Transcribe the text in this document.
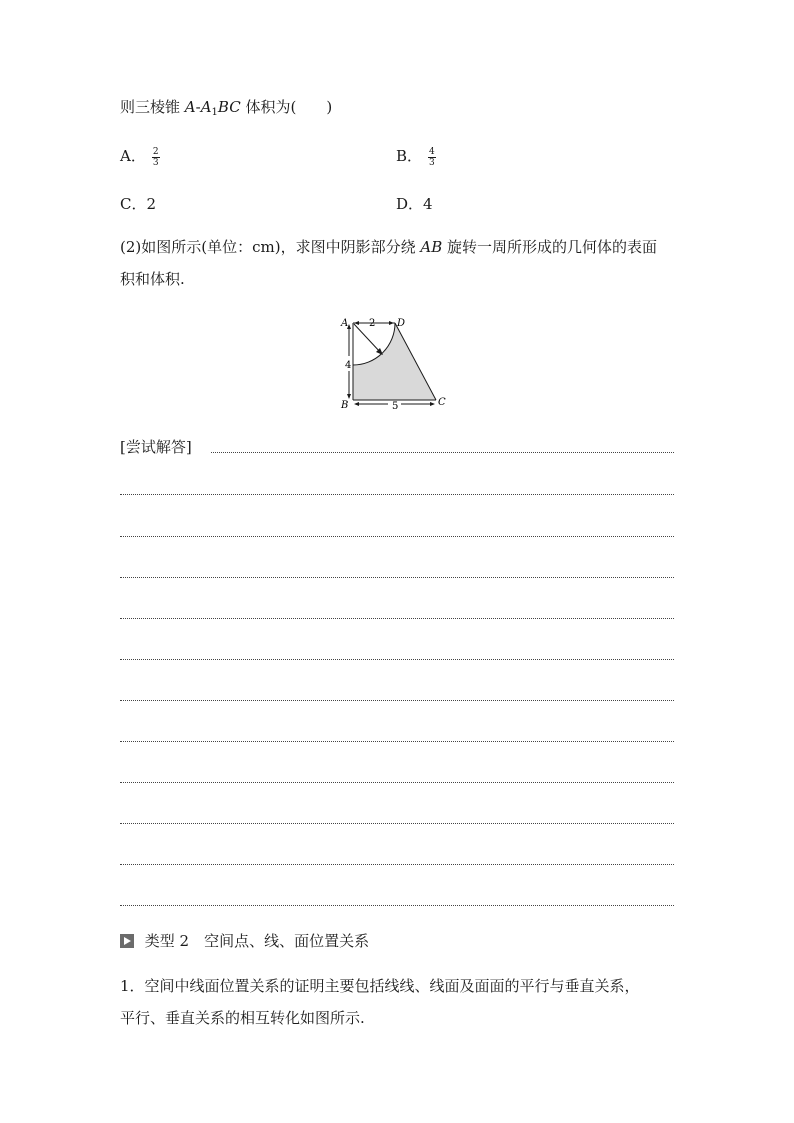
则三棱锥 $A-A_1BC$ 体积为(　　)
A． $\frac{2}{3}$	B． $\frac{4}{3}$
C．2	D．4
(2)如图所示(单位：cm)，求图中阴影部分绕 AB 旋转一周所形成的几何体的表面
积和体积.
A	D
B	C
2
4
5
[尝试解答]
类型 2　空间点、线、面位置关系
1．空间中线面位置关系的证明主要包括线线、线面及面面的平行与垂直关系，
平行、垂直关系的相互转化如图所示.
